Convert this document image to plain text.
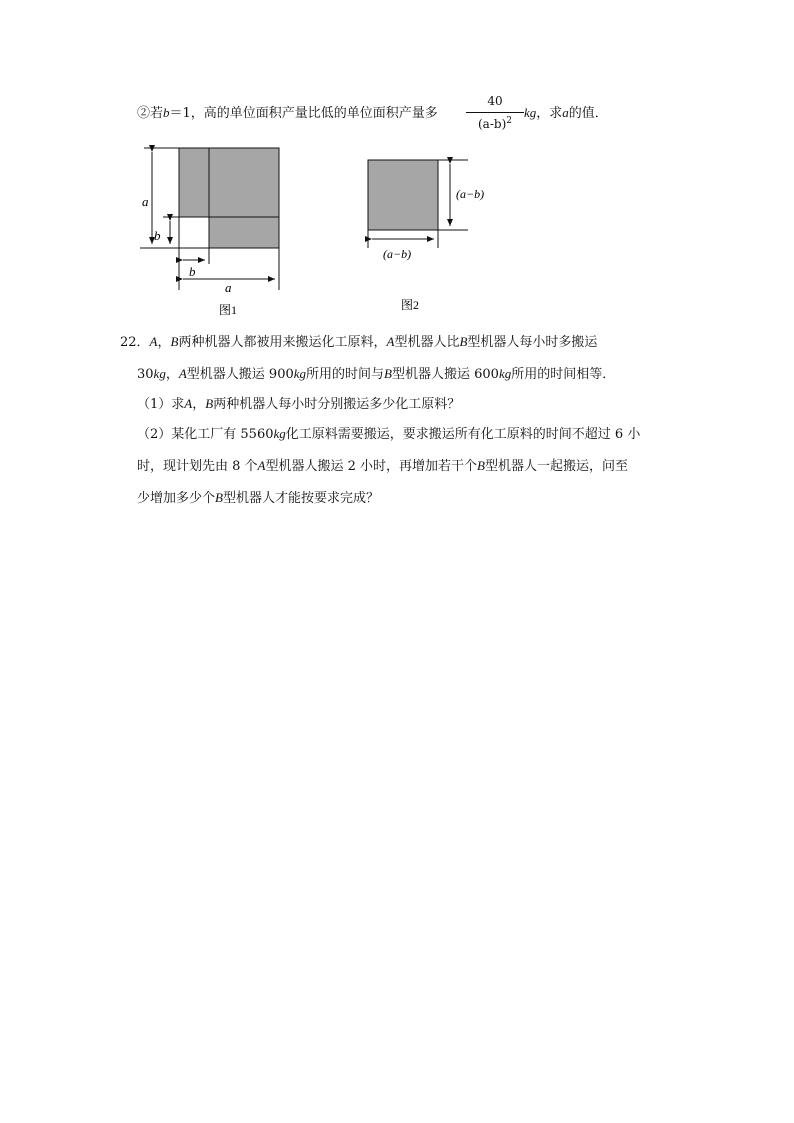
②若b＝1，高的单位面积产量比低的单位面积产量多
40
$(a-b)^2$
kg，求a的值．
a
b
b
a
图1
(a−b)
(a−b)
图2
22．A，B两种机器人都被用来搬运化工原料，A型机器人比B型机器人每小时多搬运
30kg，A型机器人搬运 900kg所用的时间与B型机器人搬运 600kg所用的时间相等．
（1）求A，B两种机器人每小时分别搬运多少化工原料？
（2）某化工厂有 5560kg化工原料需要搬运，要求搬运所有化工原料的时间不超过 6 小
时，现计划先由 8 个A型机器人搬运 2 小时，再增加若干个B型机器人一起搬运，问至
少增加多少个B型机器人才能按要求完成？
